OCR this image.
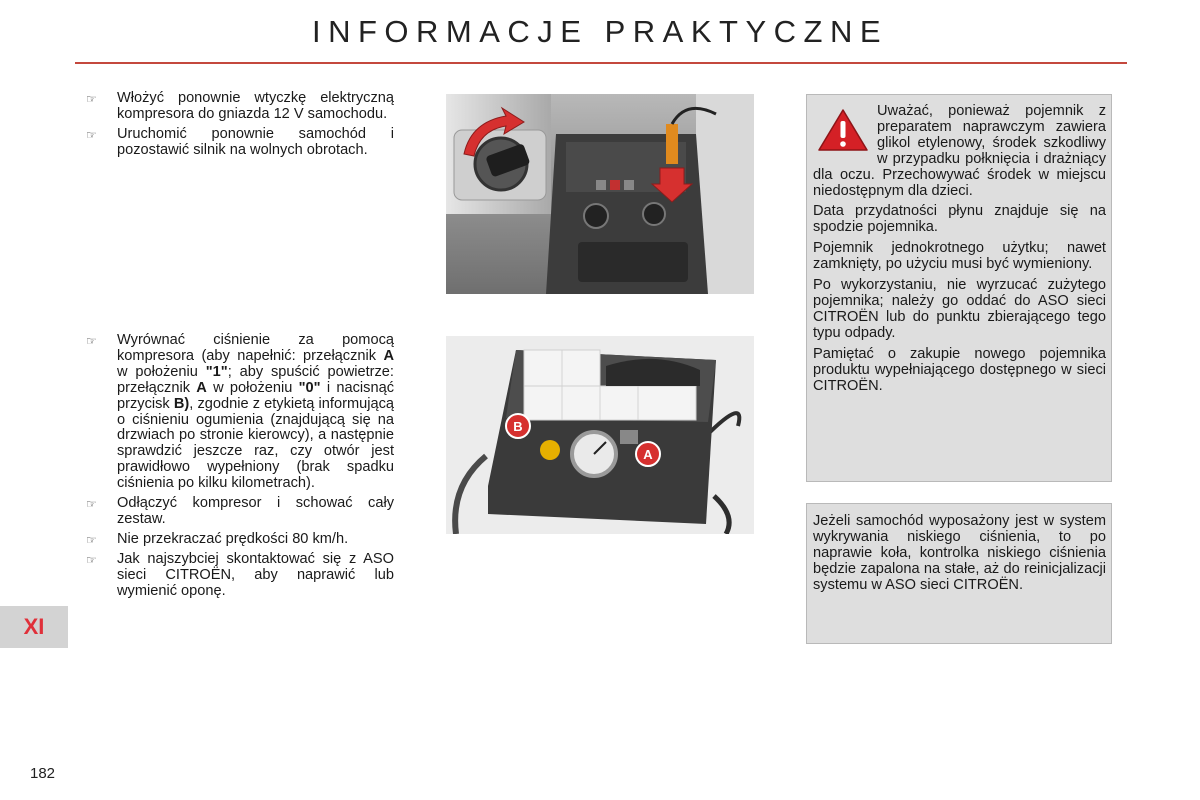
INFORMACJE PRAKTYCZNE
☞ Włożyć ponownie wtyczkę elektryczną kompresora do gniazda 12 V samochodu.
☞ Uruchomić ponownie samochód i pozostawić silnik na wolnych obrotach.
☞ Wyrównać ciśnienie za pomocą kompresora (aby napełnić: przełącznik A w położeniu "1"; aby spuścić powietrze: przełącznik A w położeniu "0" i nacisnąć przycisk B), zgodnie z etykietą informującą o ciśnieniu ogumienia (znajdującą się na drzwiach po stronie kierowcy), a następnie sprawdzić jeszcze raz, czy otwór jest prawidłowo wypełniony (brak spadku ciśnienia po kilku kilometrach).
☞ Odłączyć kompresor i schować cały zestaw.
☞ Nie przekraczać prędkości 80 km/h.
☞ Jak najszybciej skontaktować się z ASO sieci CITROËN, aby naprawić lub wymienić oponę.
B
A

Uważać, ponieważ pojemnik z preparatem naprawczym zawiera glikol etylenowy, środek szkodliwy w przypadku połknięcia i drażniący dla oczu. Przechowywać środek w miejscu niedostępnym dla dzieci.

Data przydatności płynu znajduje się na spodzie pojemnika.

Pojemnik jednokrotnego użytku; nawet zamknięty, po użyciu musi być wymieniony.

Po wykorzystaniu, nie wyrzucać zużytego pojemnika; należy go oddać do ASO sieci CITROËN lub do punktu zbierającego tego typu odpady.

Pamiętać o zakupie nowego pojemnika produktu wypełniającego dostępnego w sieci CITROËN.

Jeżeli samochód wyposażony jest w system wykrywania niskiego ciśnienia, to po naprawie koła, kontrolka niskiego ciśnienia będzie zapalona na stałe, aż do reinicjalizacji systemu w ASO sieci CITROËN.

XI
182
